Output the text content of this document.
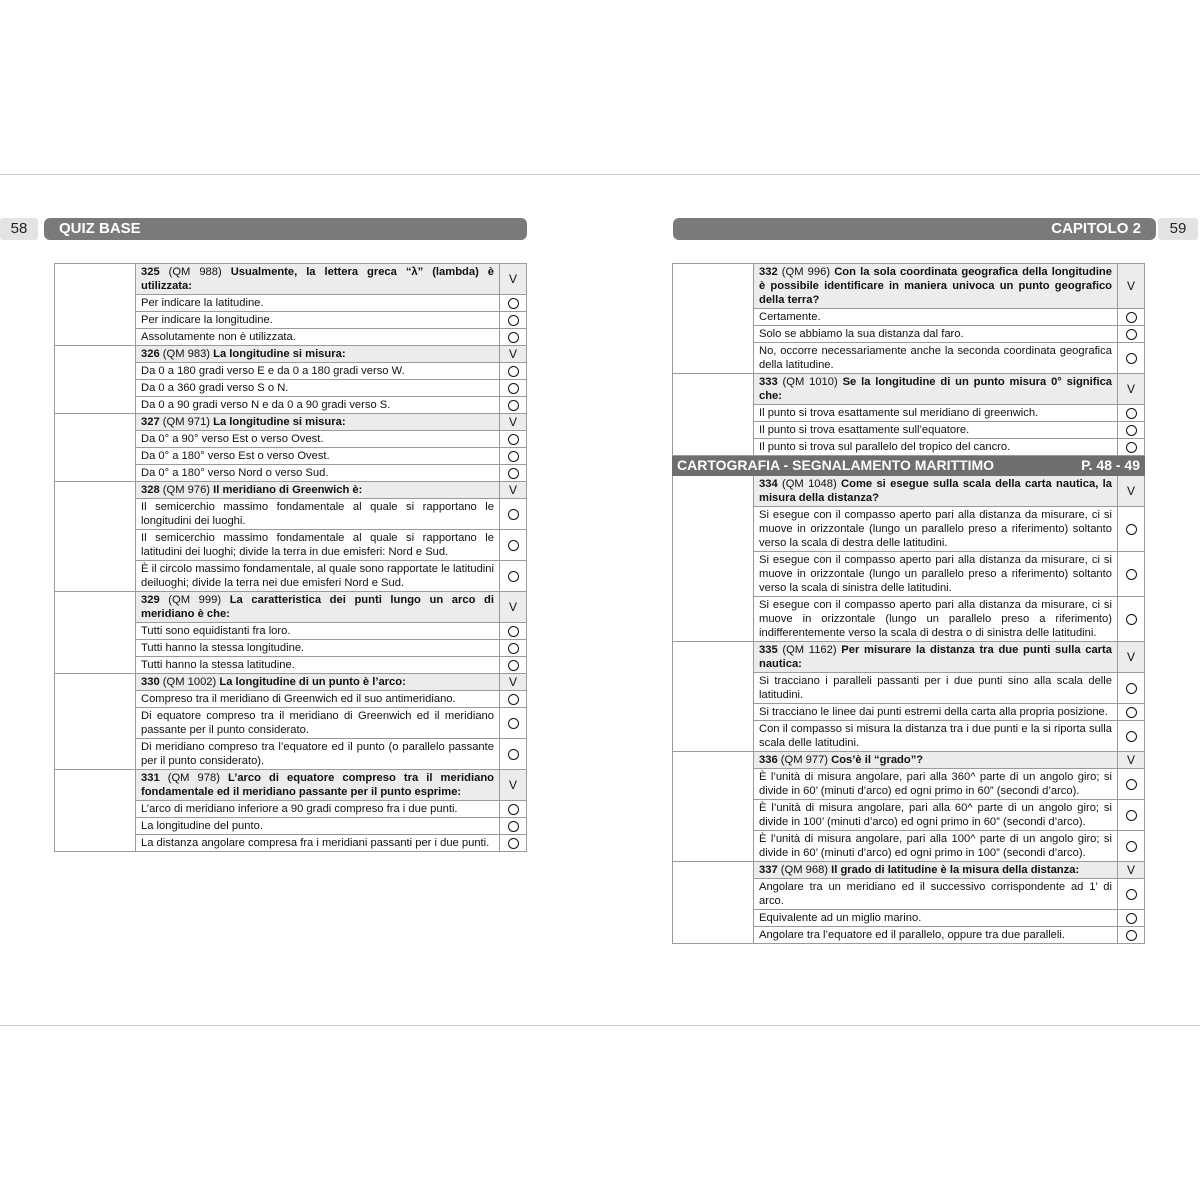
58	QUIZ BASE
	325 (QM 988) Usualmente, la lettera greca “λ” (lambda) è utilizzata:	V
	Per indicare la latitudine.	
	Per indicare la longitudine.	
	Assolutamente non è utilizzata.	
	326 (QM 983) La longitudine si misura:	V
	Da 0 a 180 gradi verso E e da 0 a 180 gradi verso W.	
	Da 0 a 360 gradi verso S o N.	
	Da 0 a 90 gradi verso N e da 0 a 90 gradi verso S.	
	327 (QM 971) La longitudine si misura:	V
	Da 0° a 90° verso Est o verso Ovest.	
	Da 0° a 180° verso Est o verso Ovest.	
	Da 0° a 180° verso Nord o verso Sud.	
	328 (QM 976) Il meridiano di Greenwich è:	V
	Il semicerchio massimo fondamentale al quale si rapportano le longitudini dei luoghi.	
	Il semicerchio massimo fondamentale al quale si rapportano le latitudini dei luoghi; divide la terra in due emisferi: Nord e Sud.	
	È il circolo massimo fondamentale, al quale sono rapportate le latitudini deiluoghi; divide la terra nei due emisferi Nord e Sud.	
	329 (QM 999) La caratteristica dei punti lungo un arco di meridiano è che:	V
	Tutti sono equidistanti fra loro.	
	Tutti hanno la stessa longitudine.	
	Tutti hanno la stessa latitudine.	
	330 (QM 1002) La longitudine di un punto è l’arco:	V
	Compreso tra il meridiano di Greenwich ed il suo antimeridiano.	
	Di equatore compreso tra il meridiano di Greenwich ed il meridiano passante per il punto considerato.	
	Di meridiano compreso tra l’equatore ed il punto (o parallelo passante per il punto considerato).	
	331 (QM 978) L’arco di equatore compreso tra il meridiano fondamentale ed il meridiano passante per il punto esprime:	V
	L’arco di meridiano inferiore a 90 gradi compreso fra i due punti.	
	La longitudine del punto.	
	La distanza angolare compresa fra i meridiani passanti per i due punti.	
CAPITOLO 2	59
	332 (QM 996) Con la sola coordinata geografica della longitudine è possibile identificare in maniera univoca un punto geografico della terra?	V
	Certamente.	
	Solo se abbiamo la sua distanza dal faro.	
	No, occorre necessariamente anche la seconda coordinata geografica della latitudine.	
	333 (QM 1010) Se la longitudine di un punto misura 0° significa che:	V
	Il punto si trova esattamente sul meridiano di greenwich.	
	Il punto si trova esattamente sull’equatore.	
	Il punto si trova sul parallelo del tropico del cancro.	

CARTOGRAFIA - SEGNALAMENTO MARITTIMO P. 48 - 49		

	334 (QM 1048) Come si esegue sulla scala della carta nautica, la misura della distanza?	V
	Si esegue con il compasso aperto pari alla distanza da misurare, ci si muove in orizzontale (lungo un parallelo preso a riferimento) soltanto verso la scala di destra delle latitudini.	
	Si esegue con il compasso aperto pari alla distanza da misurare, ci si muove in orizzontale (lungo un parallelo preso a riferimento) soltanto verso la scala di sinistra delle latitudini.	
	Si esegue con il compasso aperto pari alla distanza da misurare, ci si muove in orizzontale (lungo un parallelo preso a riferimento) indifferentemente verso la scala di destra o di sinistra delle latitudini.	
	335 (QM 1162) Per misurare la distanza tra due punti sulla carta nautica:	V
	Si tracciano i paralleli passanti per i due punti sino alla scala delle latitudini.	
	Si tracciano le linee dai punti estremi della carta alla propria posizione.	
	Con il compasso si misura la distanza tra i due punti e la si riporta sulla scala delle latitudini.	
	336 (QM 977) Cos’è il “grado”?	V
	È l’unità di misura angolare, pari alla 360^ parte di un angolo giro; si divide in 60’ (minuti d’arco) ed ogni primo in 60” (secondi d’arco).	
	È l’unità di misura angolare, pari alla 60^ parte di un angolo giro; si divide in 100’ (minuti d’arco) ed ogni primo in 60” (secondi d’arco).	
	È l’unità di misura angolare, pari alla 100^ parte di un angolo giro; si divide in 60’ (minuti d’arco) ed ogni primo in 100” (secondi d’arco).	
	337 (QM 968) Il grado di latitudine è la misura della distanza:	V
	Angolare tra un meridiano ed il successivo corrispondente ad 1’ di arco.	
	Equivalente ad un miglio marino.	
	Angolare tra l’equatore ed il parallelo, oppure tra due paralleli.	
